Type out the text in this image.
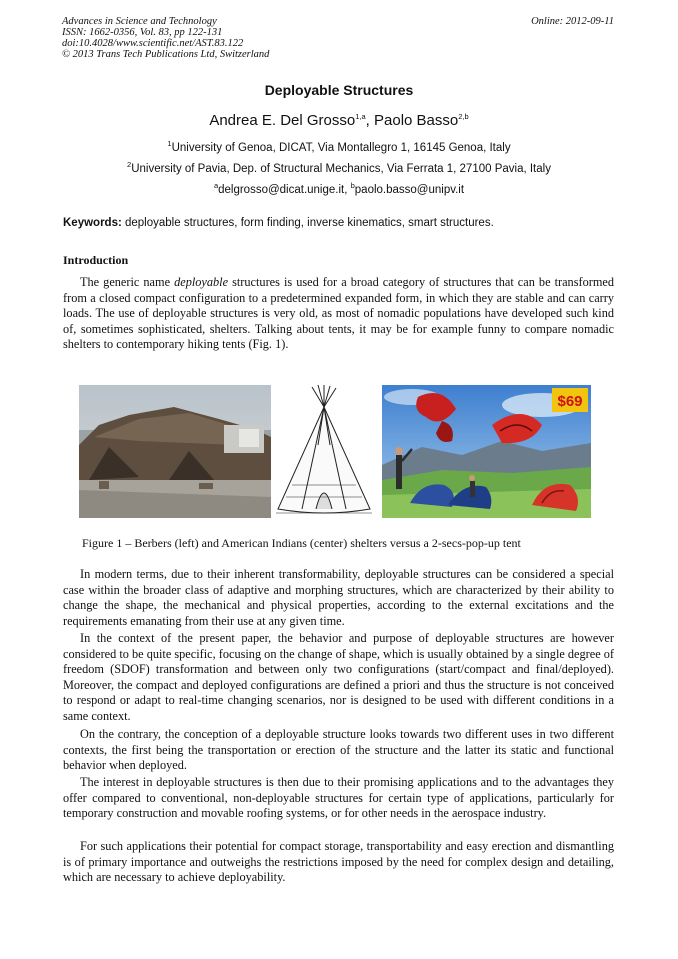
Advances in Science and Technology
ISSN: 1662-0356, Vol. 83, pp 122-131
doi:10.4028/www.scientific.net/AST.83.122
© 2013 Trans Tech Publications Ltd, Switzerland
Online: 2012-09-11
Deployable Structures
Andrea E. Del Grosso$^{1,a}$, Paolo Basso$^{2,b}$
$^1$University of Genoa, DICAT, Via Montallegro 1, 16145 Genoa, Italy
$^2$University of Pavia, Dep. of Structural Mechanics, Via Ferrata 1, 27100 Pavia, Italy
$^a$delgrosso@dicat.unige.it, $^b$paolo.basso@unipv.it
Keywords: deployable structures, form finding, inverse kinematics, smart structures.
Introduction

The generic name deployable structures is used for a broad category of structures that can be transformed from a closed compact configuration to a predetermined expanded form, in which they are stable and can carry loads. The use of deployable structures is very old, as most of nomadic populations have developed such kind of, sometimes sophisticated, shelters. Talking about tents, it may be for example funny to compare nomadic shelters to contemporary hiking tents (Fig. 1).

$69
Figure 1 – Berbers (left) and American Indians (center) shelters versus a 2-secs-pop-up tent

In modern terms, due to their inherent transformability, deployable structures can be considered a special case within the broader class of adaptive and morphing structures, which are characterized by their ability to change the shape, the mechanical and physical properties, according to the external excitations and the requirements emanating from their use at any given time.

In the context of the present paper, the behavior and purpose of deployable structures are however considered to be quite specific, focusing on the change of shape, which is usually obtained by a single degree of freedom (SDOF) transformation and between only two configurations (start/compact and final/deployed). Moreover, the compact and deployed configurations are defined a priori and thus the structure is not conceived to respond or adapt to real-time changing scenarios, nor is designed to be used with different conditions in a same context.

On the contrary, the conception of a deployable structure looks towards two different uses in two different contexts, the first being the transportation or erection of the structure and the latter its static and functional behavior when deployed.

The interest in deployable structures is then due to their promising applications and to the advantages they offer compared to conventional, non-deployable structures for certain type of applications, particularly for temporary construction and movable roofing systems, or for other needs in the aerospace industry.

For such applications their potential for compact storage, transportability and easy erection and dismantling is of primary importance and outweighs the restrictions imposed by the need for complex design and detailing, which are necessary to achieve deployability.
